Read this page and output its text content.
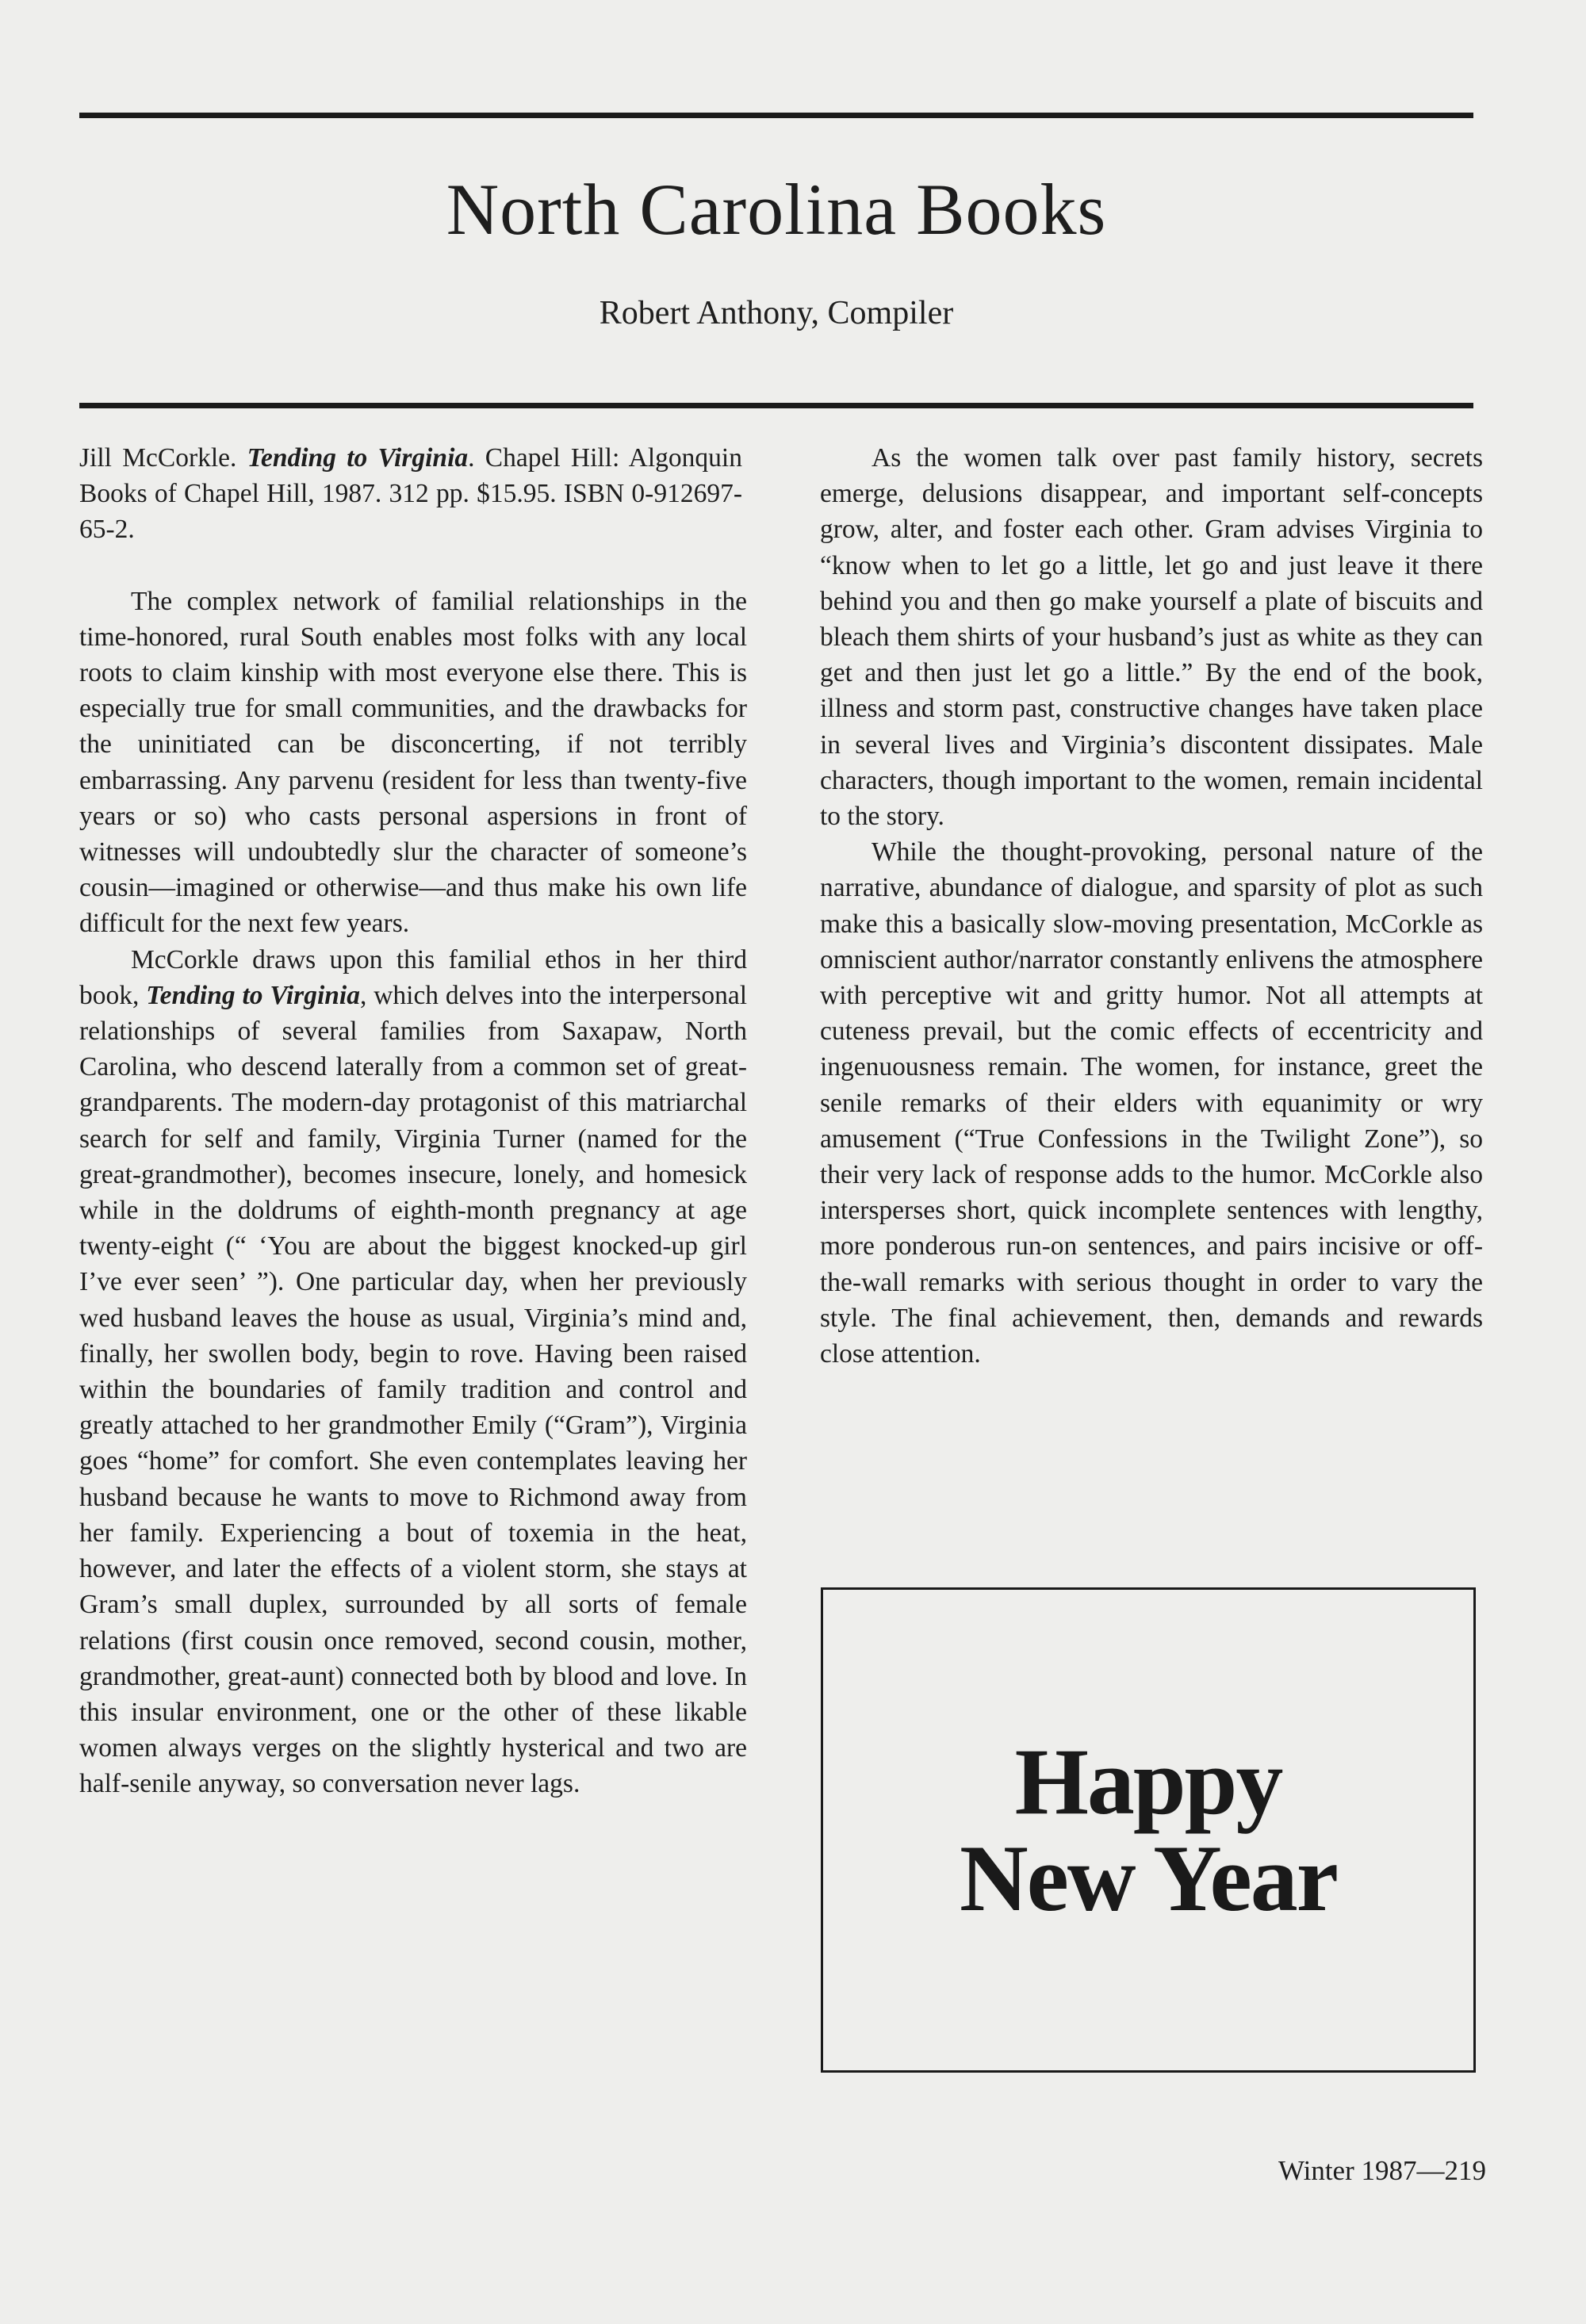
North Carolina Books
Robert Anthony, Compiler

Jill McCorkle. Tending to Virginia. Chapel Hill: Algonquin Books of Chapel Hill, 1987. 312 pp. $15.95. ISBN 0-912697-65-2.

The complex network of familial relationships in the time-honored, rural South enables most folks with any local roots to claim kinship with most everyone else there. This is especially true for small communities, and the drawbacks for the uninitiated can be disconcerting, if not terribly embarrassing. Any parvenu (resident for less than twenty-five years or so) who casts personal aspersions in front of witnesses will undoubtedly slur the character of someone’s cousin—imagined or otherwise—and thus make his own life difficult for the next few years.

McCorkle draws upon this familial ethos in her third book, Tending to Virginia, which delves into the interpersonal relationships of several families from Saxapaw, North Carolina, who descend laterally from a common set of great-grandparents. The modern-day protagonist of this matriarchal search for self and family, Virginia Turner (named for the great-grandmother), becomes insecure, lonely, and homesick while in the doldrums of eighth-month pregnancy at age twenty-eight (“ ‘You are about the biggest knocked-up girl I’ve ever seen’ ”). One particular day, when her previously wed husband leaves the house as usual, Virginia’s mind and, finally, her swollen body, begin to rove. Having been raised within the boundaries of family tradition and control and greatly attached to her grandmother Emily (“Gram”), Virginia goes “home” for comfort. She even contemplates leaving her husband because he wants to move to Richmond away from her family. Experiencing a bout of toxemia in the heat, however, and later the effects of a violent storm, she stays at Gram’s small duplex, surrounded by all sorts of female relations (first cousin once removed, second cousin, mother, grandmother, great-aunt) connected both by blood and love. In this insular environment, one or the other of these likable women always verges on the slightly hysterical and two are half-senile anyway, so conversation never lags.

As the women talk over past family history, secrets emerge, delusions disappear, and important self-concepts grow, alter, and foster each other. Gram advises Virginia to “know when to let go a little, let go and just leave it there behind you and then go make yourself a plate of biscuits and bleach them shirts of your husband’s just as white as they can get and then just let go a little.” By the end of the book, illness and storm past, constructive changes have taken place in several lives and Virginia’s discontent dissipates. Male characters, though important to the women, remain incidental to the story.

While the thought-provoking, personal nature of the narrative, abundance of dialogue, and sparsity of plot as such make this a basically slow-moving presentation, McCorkle as omniscient author/narrator constantly enlivens the atmosphere with perceptive wit and gritty humor. Not all attempts at cuteness prevail, but the comic effects of eccentricity and ingenuousness remain. The women, for instance, greet the senile remarks of their elders with equanimity or wry amusement (“True Confessions in the Twilight Zone”), so their very lack of response adds to the humor. McCorkle also intersperses short, quick incomplete sentences with lengthy, more ponderous run-on sentences, and pairs incisive or off-the-wall remarks with serious thought in order to vary the style. The final achievement, then, demands and rewards close attention.

Happy
New Year
Winter 1987—219
